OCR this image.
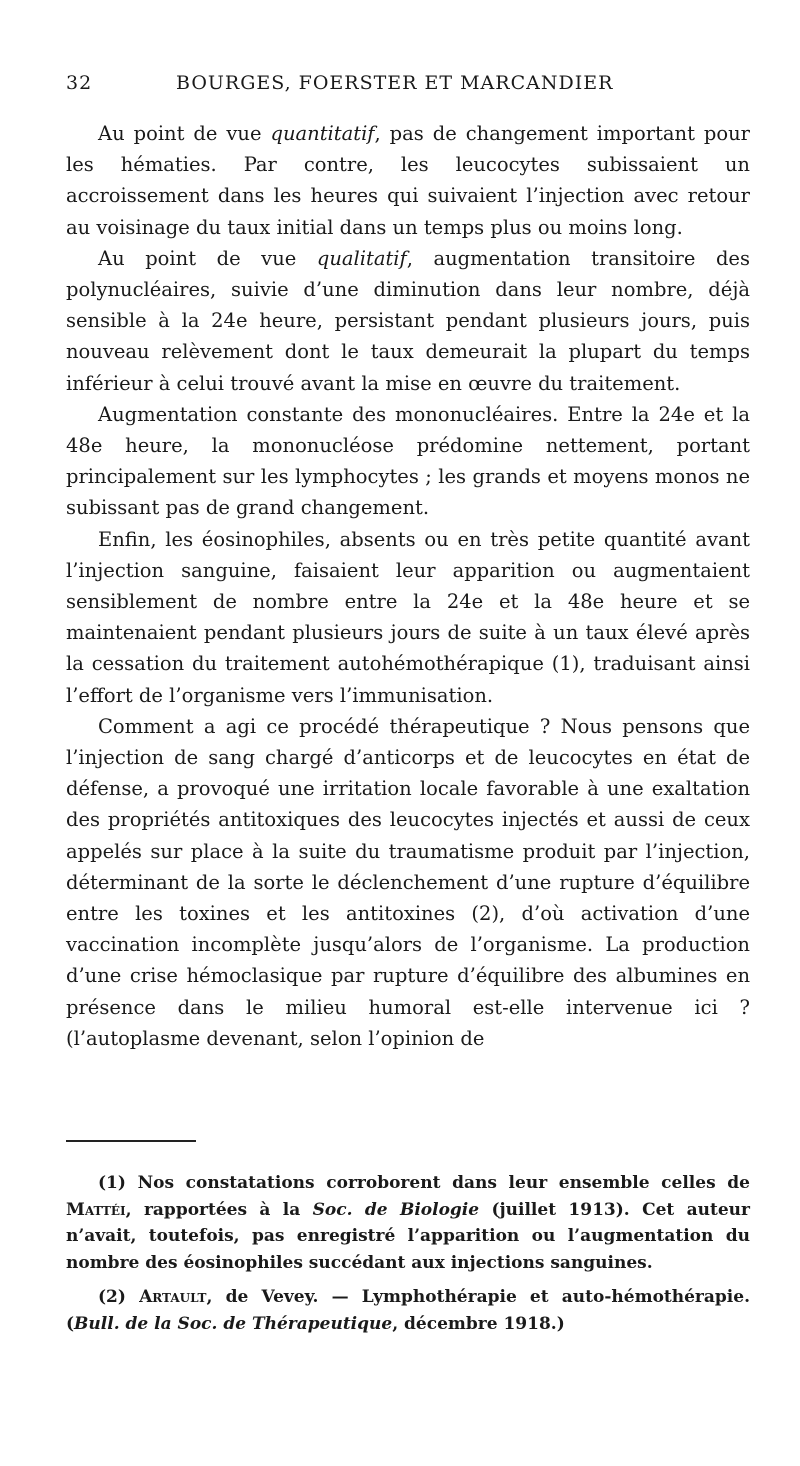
32	BOURGES, FOERSTER ET MARCANDIER

Au point de vue quantitatif, pas de changement important pour les hématies. Par contre, les leucocytes subissaient un accroissement dans les heures qui suivaient l’injection avec retour au voisinage du taux initial dans un temps plus ou moins long.

Au point de vue qualitatif, augmentation transitoire des polynucléaires, suivie d’une diminution dans leur nombre, déjà sensible à la 24e heure, persistant pendant plusieurs jours, puis nouveau relèvement dont le taux demeurait la plupart du temps inférieur à celui trouvé avant la mise en œuvre du traitement.

Augmentation constante des mononucléaires. Entre la 24e et la 48e heure, la mononucléose prédomine nettement, portant principalement sur les lymphocytes ; les grands et moyens monos ne subissant pas de grand changement.

Enfin, les éosinophiles, absents ou en très petite quantité avant l’injection sanguine, faisaient leur apparition ou augmentaient sensiblement de nombre entre la 24e et la 48e heure et se maintenaient pendant plusieurs jours de suite à un taux élevé après la cessation du traitement autohémothérapique (1), traduisant ainsi l’effort de l’organisme vers l’immunisation.

Comment a agi ce procédé thérapeutique ? Nous pensons que l’injection de sang chargé d’anticorps et de leucocytes en état de défense, a provoqué une irritation locale favorable à une exaltation des propriétés antitoxiques des leucocytes injectés et aussi de ceux appelés sur place à la suite du traumatisme produit par l’injection, déterminant de la sorte le déclenchement d’une rupture d’équilibre entre les toxines et les antitoxines (2), d’où activation d’une vaccination incomplète jusqu’alors de l’organisme. La production d’une crise hémoclasique par rupture d’équilibre des albumines en présence dans le milieu humoral est-elle intervenue ici ? (l’autoplasme devenant, selon l’opinion de

(1) Nos constatations corroborent dans leur ensemble celles de Mattéi, rapportées à la Soc. de Biologie (juillet 1913). Cet auteur n’avait, toutefois, pas enregistré l’apparition ou l’augmentation du nombre des éosinophiles succédant aux injections sanguines.

(2) Artault, de Vevey. — Lymphothérapie et auto-hémothérapie. (Bull. de la Soc. de Thérapeutique, décembre 1918.)
